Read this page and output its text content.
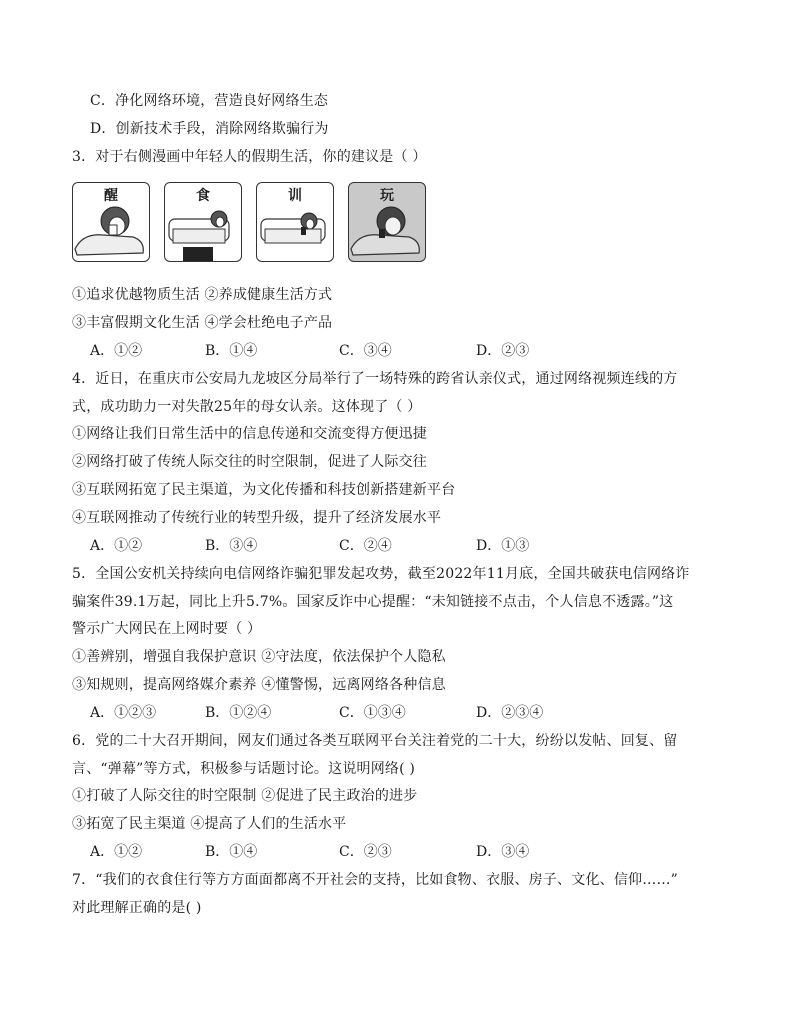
C．净化网络环境，营造良好网络生态
D．创新技术手段，消除网络欺骗行为
3．对于右侧漫画中年轻人的假期生活，你的建议是（ ）
醒	食	训	玩
①追求优越物质生活 ②养成健康生活方式
③丰富假期文化生活 ④学会杜绝电子产品
A．①②	B．①④	C．③④	D．②③
4．近日，在重庆市公安局九龙坡区分局举行了一场特殊的跨省认亲仪式，通过网络视频连线的方
式，成功助力一对失散25年的母女认亲。这体现了（ ）
①网络让我们日常生活中的信息传递和交流变得方便迅捷
②网络打破了传统人际交往的时空限制，促进了人际交往
③互联网拓宽了民主渠道，为文化传播和科技创新搭建新平台
④互联网推动了传统行业的转型升级，提升了经济发展水平
A．①②	B．③④	C．②④	D．①③
5．全国公安机关持续向电信网络诈骗犯罪发起攻势，截至2022年11月底，全国共破获电信网络诈
骗案件39.1万起，同比上升5.7%。国家反诈中心提醒：“未知链接不点击，个人信息不透露。”这
警示广大网民在上网时要（ ）
①善辨别，增强自我保护意识 ②守法度，依法保护个人隐私
③知规则，提高网络媒介素养 ④懂警惕，远离网络各种信息
A．①②③	B．①②④	C．①③④	D．②③④
6．党的二十大召开期间，网友们通过各类互联网平台关注着党的二十大，纷纷以发帖、回复、留
言、“弹幕”等方式，积极参与话题讨论。这说明网络( )
①打破了人际交往的时空限制 ②促进了民主政治的进步
③拓宽了民主渠道 ④提高了人们的生活水平
A．①②	B．①④	C．②③	D．③④
7．“我们的衣食住行等方方面面都离不开社会的支持，比如食物、衣服、房子、文化、信仰……”
对此理解正确的是( )
